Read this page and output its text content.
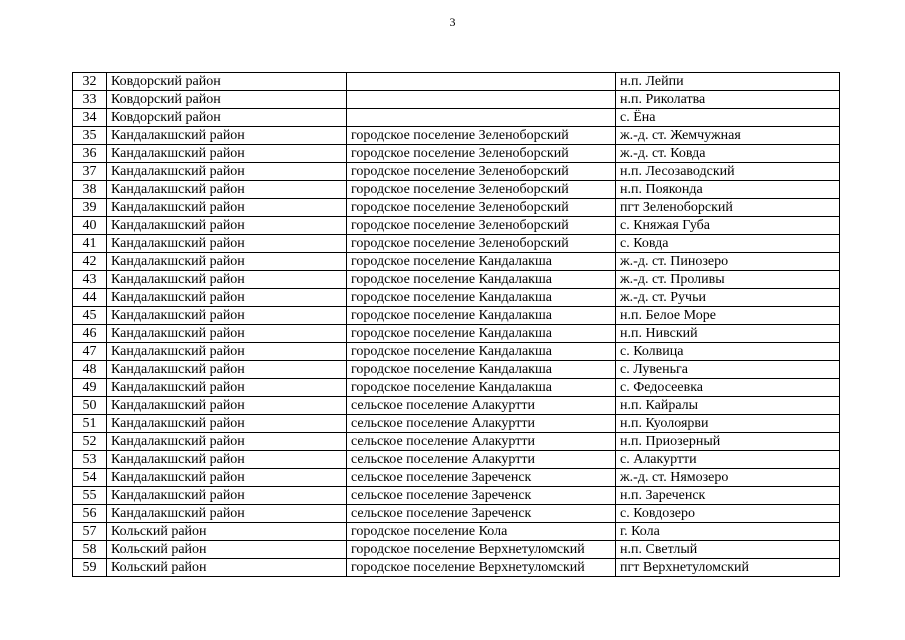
3
32	Ковдорский район		н.п. Лейпи
33	Ковдорский район		н.п. Риколатва
34	Ковдорский район		с. Ёна
35	Кандалакшский район	городское поселение Зеленоборский	ж.-д. ст. Жемчужная
36	Кандалакшский район	городское поселение Зеленоборский	ж.-д. ст. Ковда
37	Кандалакшский район	городское поселение Зеленоборский	н.п. Лесозаводский
38	Кандалакшский район	городское поселение Зеленоборский	н.п. Пояконда
39	Кандалакшский район	городское поселение Зеленоборский	пгт Зеленоборский
40	Кандалакшский район	городское поселение Зеленоборский	с. Княжая Губа
41	Кандалакшский район	городское поселение Зеленоборский	с. Ковда
42	Кандалакшский район	городское поселение Кандалакша	ж.-д. ст. Пинозеро
43	Кандалакшский район	городское поселение Кандалакша	ж.-д. ст. Проливы
44	Кандалакшский район	городское поселение Кандалакша	ж.-д. ст. Ручьи
45	Кандалакшский район	городское поселение Кандалакша	н.п. Белое Море
46	Кандалакшский район	городское поселение Кандалакша	н.п. Нивский
47	Кандалакшский район	городское поселение Кандалакша	с. Колвица
48	Кандалакшский район	городское поселение Кандалакша	с. Лувеньга
49	Кандалакшский район	городское поселение Кандалакша	с. Федосеевка
50	Кандалакшский район	сельское поселение Алакуртти	н.п. Кайралы
51	Кандалакшский район	сельское поселение Алакуртти	н.п. Куолоярви
52	Кандалакшский район	сельское поселение Алакуртти	н.п. Приозерный
53	Кандалакшский район	сельское поселение Алакуртти	с. Алакуртти
54	Кандалакшский район	сельское поселение Зареченск	ж.-д. ст. Нямозеро
55	Кандалакшский район	сельское поселение Зареченск	н.п. Зареченск
56	Кандалакшский район	сельское поселение Зареченск	с. Ковдозеро
57	Кольский район	городское поселение Кола	г. Кола
58	Кольский район	городское поселение Верхнетуломский	н.п. Светлый
59	Кольский район	городское поселение Верхнетуломский	пгт Верхнетуломский
